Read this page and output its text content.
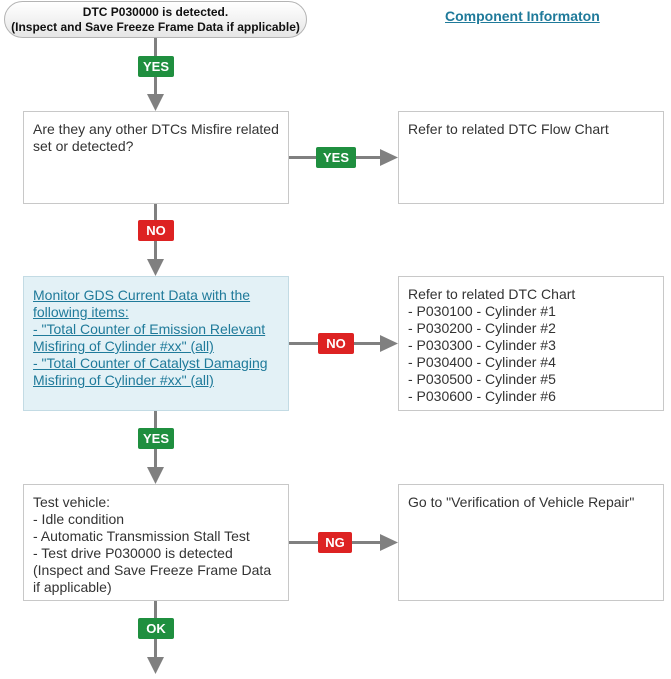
DTC P030000 is detected.
(Inspect and Save Freeze Frame Data if applicable)
Component Informaton
YES
Are they any other DTCs Misfire related
set or detected?
YES
Refer to related DTC Flow Chart
NO
Monitor GDS Current Data with the
following items:
- "Total Counter of Emission Relevant
Misfiring of Cylinder #xx" (all)
- "Total Counter of Catalyst Damaging
Misfiring of Cylinder #xx" (all)
NO
Refer to related DTC Chart
- P030100 - Cylinder #1
- P030200 - Cylinder #2
- P030300 - Cylinder #3
- P030400 - Cylinder #4
- P030500 - Cylinder #5
- P030600 - Cylinder #6
YES
Test vehicle:
- Idle condition
- Automatic Transmission Stall Test
- Test drive P030000 is detected
(Inspect and Save Freeze Frame Data
if applicable)
NG
Go to "Verification of Vehicle Repair"
OK
